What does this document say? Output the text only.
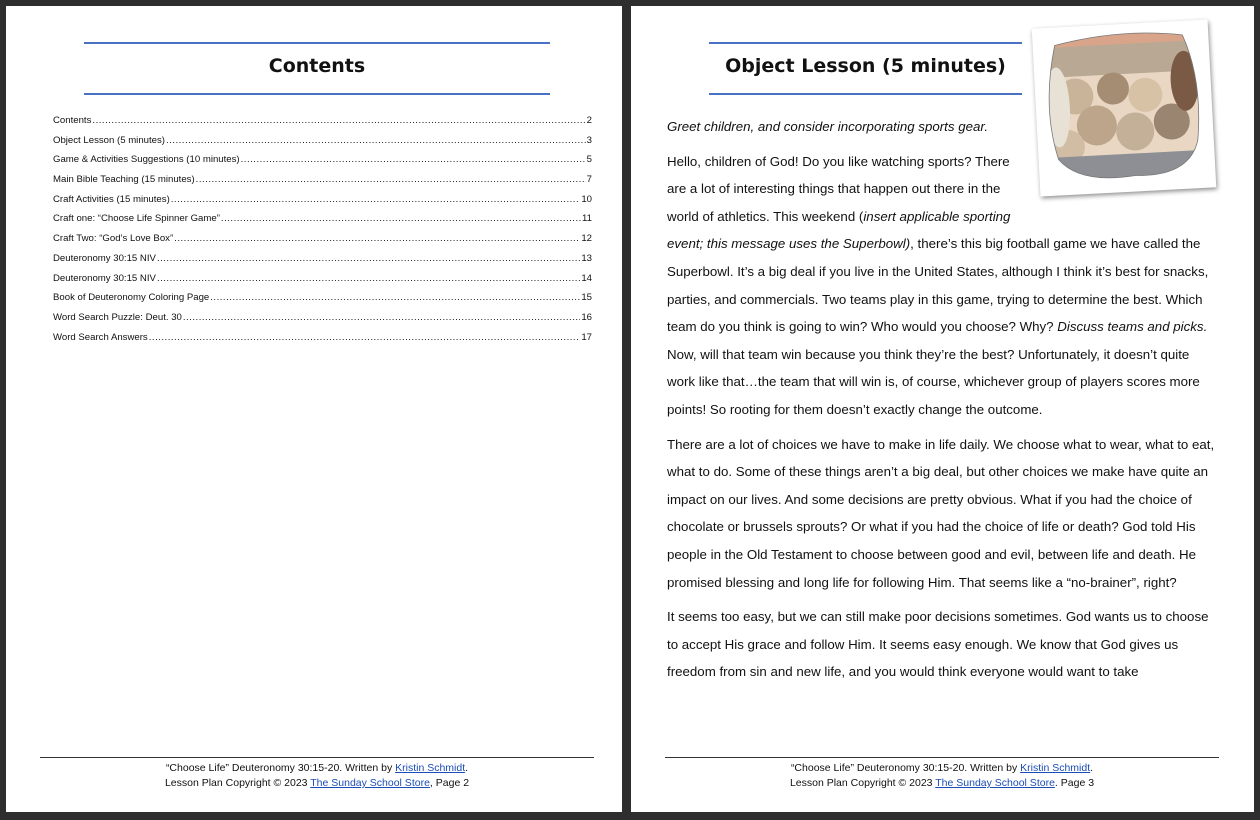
Contents
Contents .....	2
Object Lesson (5 minutes) .....	3
Game & Activities Suggestions (10 minutes) .....	5
Main Bible Teaching (15 minutes) .....	7
Craft Activities (15 minutes) .....	10
Craft one: “Choose Life Spinner Game” .....	11
Craft Two: “God’s Love Box” .....	12
Deuteronomy 30:15 NIV .....	13
Deuteronomy 30:15 NIV .....	14
Book of Deuteronomy Coloring Page .....	15
Word Search Puzzle: Deut. 30 .....	16
Word Search Answers .....	17
“Choose Life” Deuteronomy 30:15-20. Written by Kristin Schmidt.
Lesson Plan Copyright © 2023 The Sunday School Store, Page 2
Object Lesson (5 minutes)

Greet children, and consider incorporating sports gear.

Hello, children of God! Do you like watching sports? There are a lot of interesting things that happen out there in the world of athletics. This weekend (insert applicable sporting event; this message uses the Superbowl), there’s this big football game we have called the Superbowl. It’s a big deal if you live in the United States, although I think it’s best for snacks, parties, and commercials. Two teams play in this game, trying to determine the best. Which team do you think is going to win? Who would you choose? Why? Discuss teams and picks. Now, will that team win because you think they’re the best? Unfortunately, it doesn’t quite work like that…the team that will win is, of course, whichever group of players scores more points! So rooting for them doesn’t exactly change the outcome.

There are a lot of choices we have to make in life daily. We choose what to wear, what to eat, what to do. Some of these things aren’t a big deal, but other choices we make have quite an impact on our lives. And some decisions are pretty obvious. What if you had the choice of chocolate or brussels sprouts? Or what if you had the choice of life or death? God told His people in the Old Testament to choose between good and evil, between life and death. He promised blessing and long life for following Him. That seems like a “no-brainer”, right?

It seems too easy, but we can still make poor decisions sometimes. God wants us to choose to accept His grace and follow Him. It seems easy enough. We know that God gives us freedom from sin and new life, and you would think everyone would want to take

“Choose Life” Deuteronomy 30:15-20. Written by Kristin Schmidt.
Lesson Plan Copyright © 2023 The Sunday School Store. Page 3
